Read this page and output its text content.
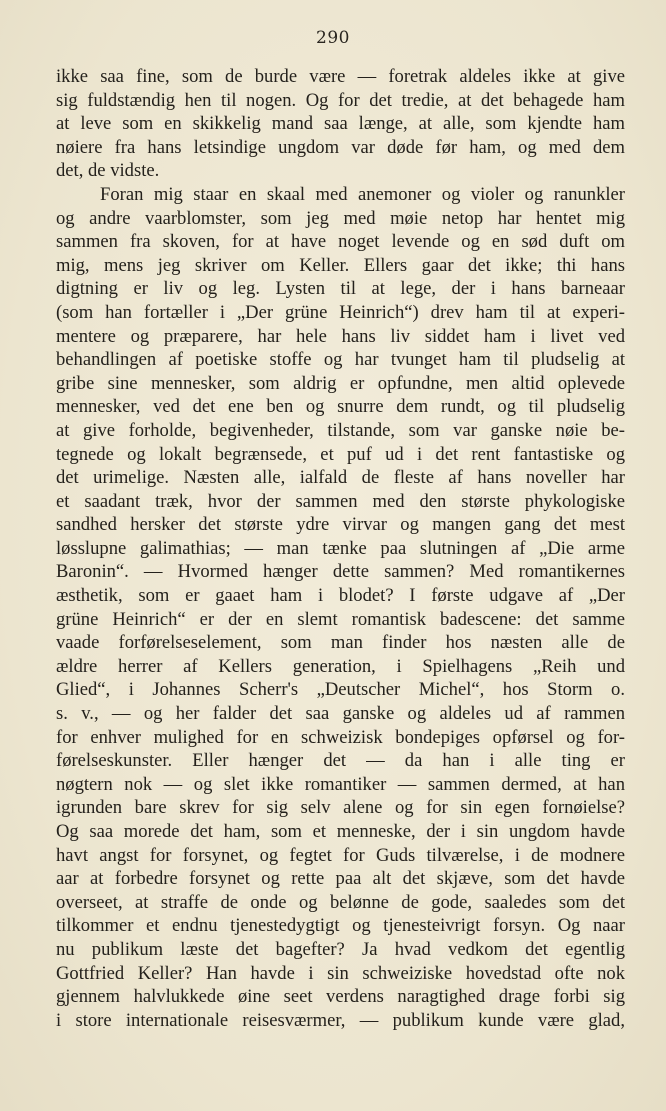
290
ikke saa fine, som de burde være — foretrak aldeles ikke at give
sig fuldstændig hen til nogen. Og for det tredie, at det behagede ham
at leve som en skikkelig mand saa længe, at alle, som kjendte ham
nøiere fra hans letsindige ungdom var døde før ham, og med dem
det, de vidste.
Foran mig staar en skaal med anemoner og violer og ranunkler
og andre vaarblomster, som jeg med møie netop har hentet mig
sammen fra skoven, for at have noget levende og en sød duft om
mig, mens jeg skriver om Keller. Ellers gaar det ikke; thi hans
digtning er liv og leg. Lysten til at lege, der i hans barneaar
(som han fortæller i „Der grüne Heinrich“) drev ham til at experi-
mentere og præparere, har hele hans liv siddet ham i livet ved
behandlingen af poetiske stoffe og har tvunget ham til pludselig at
gribe sine mennesker, som aldrig er opfundne, men altid oplevede
mennesker, ved det ene ben og snurre dem rundt, og til pludselig
at give forholde, begivenheder, tilstande, som var ganske nøie be-
tegnede og lokalt begrænsede, et puf ud i det rent fantastiske og
det urimelige. Næsten alle, ialfald de fleste af hans noveller har
et saadant træk, hvor der sammen med den største phykologiske
sandhed hersker det største ydre virvar og mangen gang det mest
løsslupne galimathias; — man tænke paa slutningen af „Die arme
Baronin“. — Hvormed hænger dette sammen? Med romantikernes
æsthetik, som er gaaet ham i blodet? I første udgave af „Der
grüne Heinrich“ er der en slemt romantisk badescene: det samme
vaade forførelseselement, som man finder hos næsten alle de
ældre herrer af Kellers generation, i Spielhagens „Reih und
Glied“, i Johannes Scherr's „Deutscher Michel“, hos Storm o.
s. v., — og her falder det saa ganske og aldeles ud af rammen
for enhver mulighed for en schweizisk bondepiges opførsel og for-
førelseskunster. Eller hænger det — da han i alle ting er
nøgtern nok — og slet ikke romantiker — sammen dermed, at han
igrunden bare skrev for sig selv alene og for sin egen fornøielse?
Og saa morede det ham, som et menneske, der i sin ungdom havde
havt angst for forsynet, og fegtet for Guds tilværelse, i de modnere
aar at forbedre forsynet og rette paa alt det skjæve, som det havde
overseet, at straffe de onde og belønne de gode, saaledes som det
tilkommer et endnu tjenestedygtigt og tjenesteivrigt forsyn. Og naar
nu publikum læste det bagefter? Ja hvad vedkom det egentlig
Gottfried Keller? Han havde i sin schweiziske hovedstad ofte nok
gjennem halvlukkede øine seet verdens naragtighed drage forbi sig
i store internationale reisesværmer, — publikum kunde være glad,
